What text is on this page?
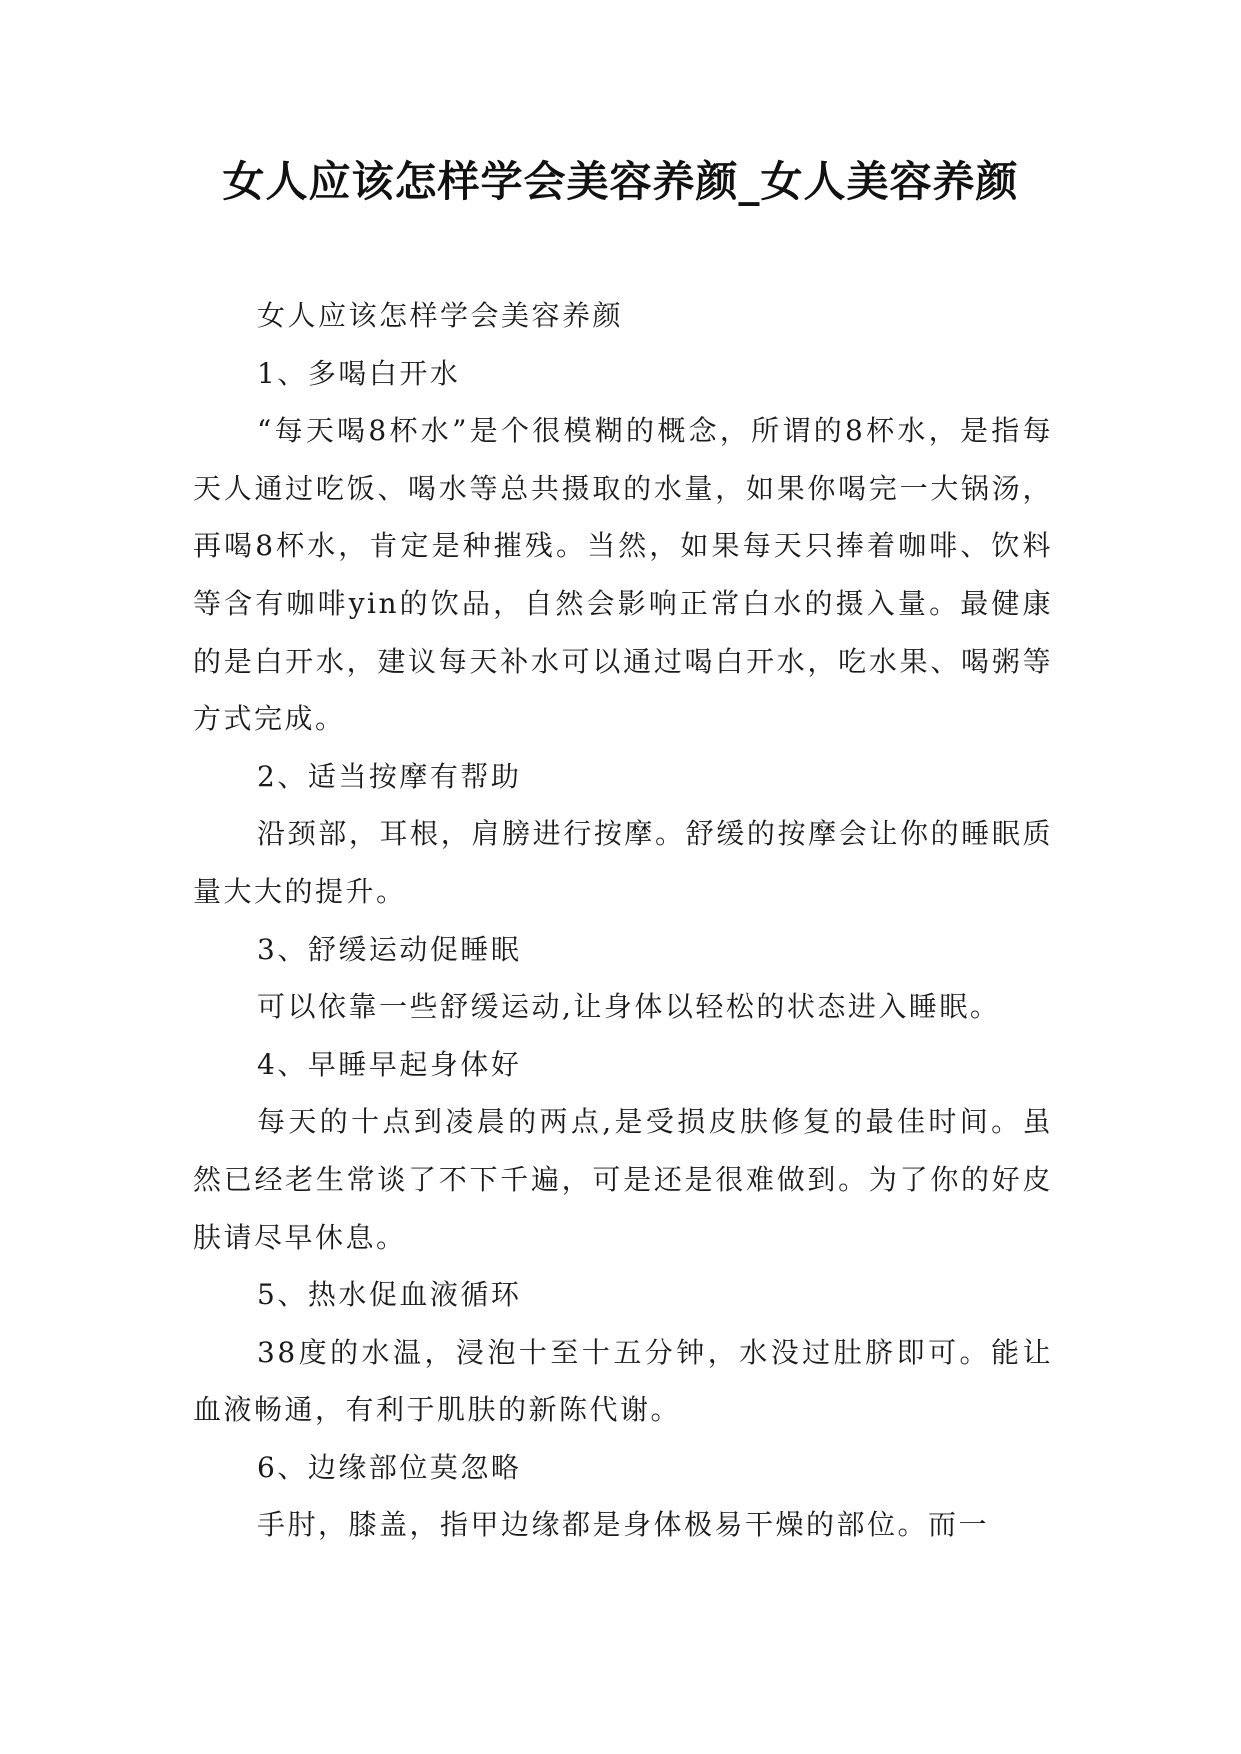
女人应该怎样学会美容养颜_女人美容养颜

女人应该怎样学会美容养颜

1、多喝白开水

“每天喝8杯水”是个很模糊的概念，所谓的8杯水，是指每天人通过吃饭、喝水等总共摄取的水量，如果你喝完一大锅汤，再喝8杯水，肯定是种摧残。当然，如果每天只捧着咖啡、饮料等含有咖啡yin的饮品，自然会影响正常白水的摄入量。最健康的是白开水，建议每天补水可以通过喝白开水，吃水果、喝粥等方式完成。

2、适当按摩有帮助

沿颈部，耳根，肩膀进行按摩。舒缓的按摩会让你的睡眠质量大大的提升。

3、舒缓运动促睡眠

可以依靠一些舒缓运动,让身体以轻松的状态进入睡眠。

4、早睡早起身体好

每天的十点到凌晨的两点,是受损皮肤修复的最佳时间。虽然已经老生常谈了不下千遍，可是还是很难做到。为了你的好皮肤请尽早休息。

5、热水促血液循环

38度的水温，浸泡十至十五分钟，水没过肚脐即可。能让血液畅通，有利于肌肤的新陈代谢。

6、边缘部位莫忽略

手肘，膝盖，指甲边缘都是身体极易干燥的部位。而一
